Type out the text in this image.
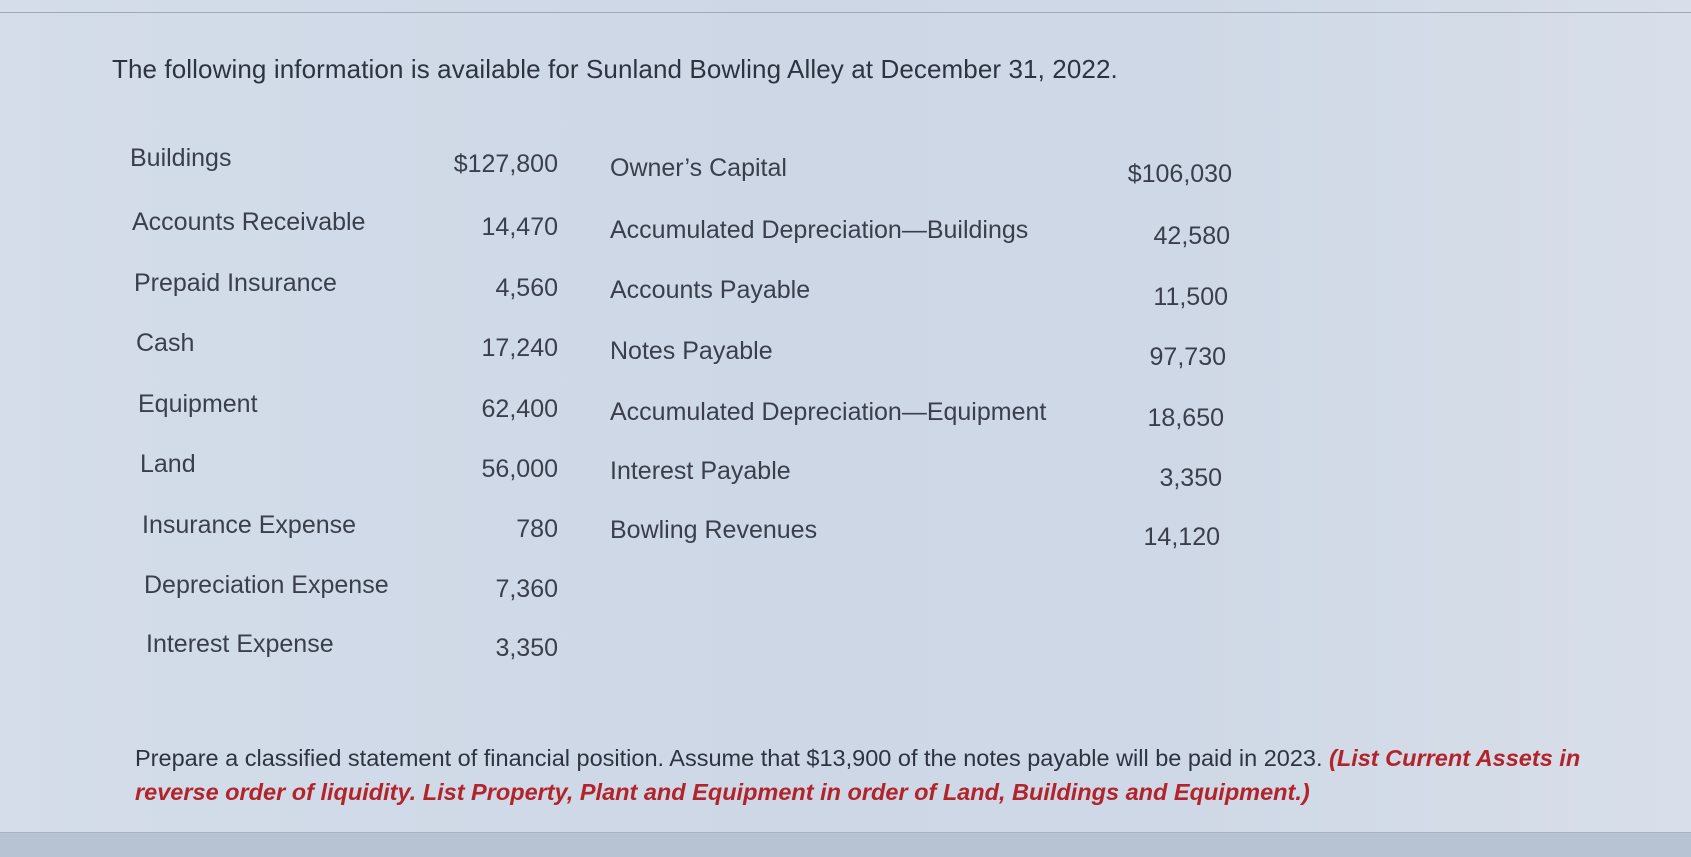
The following information is available for Sunland Bowling Alley at December 31, 2022.
Buildings	$127,800
Accounts Receivable	14,470
Prepaid Insurance	4,560
Cash	17,240
Equipment	62,400
Land	56,000
Insurance Expense	780
Depreciation Expense	7,360
Interest Expense	3,350
Owner’s Capital	$106,030
Accumulated Depreciation—Buildings	42,580
Accounts Payable	11,500
Notes Payable	97,730
Accumulated Depreciation—Equipment	18,650
Interest Payable	3,350
Bowling Revenues	14,120
Prepare a classified statement of financial position. Assume that $13,900 of the notes payable will be paid in 2023. (List Current Assets in reverse order of liquidity. List Property, Plant and Equipment in order of Land, Buildings and Equipment.)
